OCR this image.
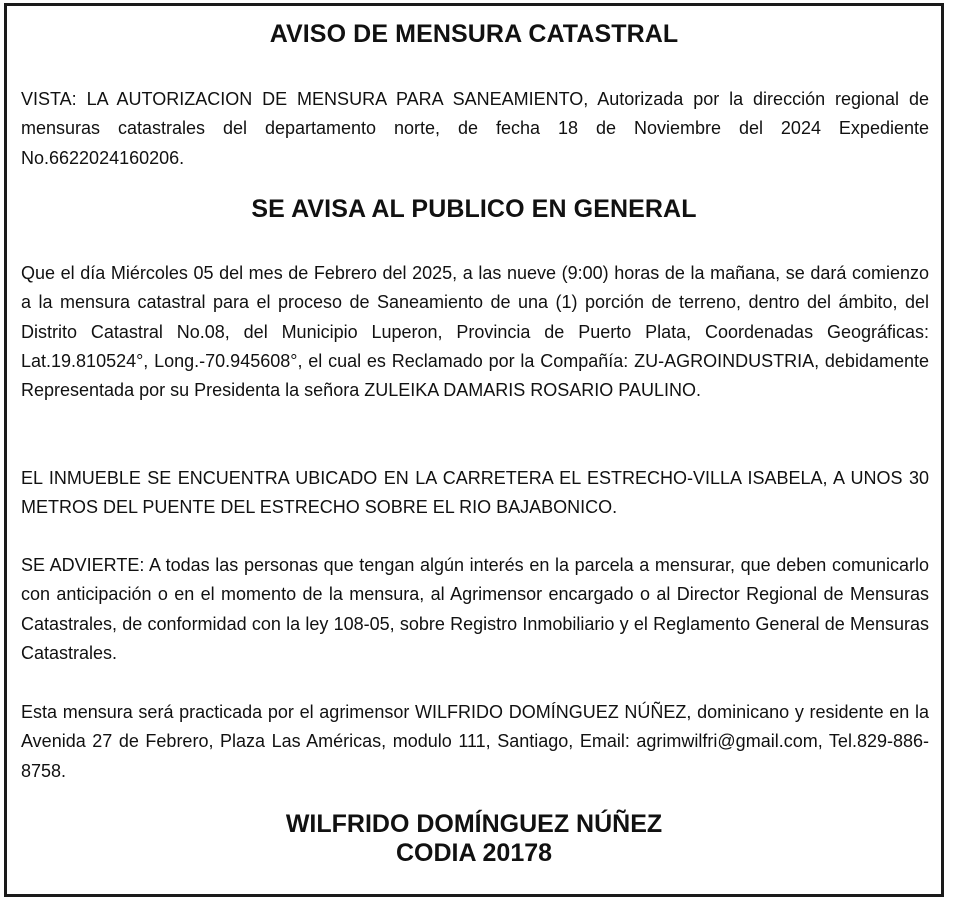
AVISO DE MENSURA CATASTRAL

VISTA: LA AUTORIZACION DE MENSURA PARA SANEAMIENTO, Autorizada por la dirección regional de mensuras catastrales del departamento norte, de fecha 18 de Noviembre del 2024 Expediente No.6622024160206.

SE AVISA AL PUBLICO EN GENERAL

Que el día Miércoles 05 del mes de Febrero del 2025, a las nueve (9:00) horas de la mañana, se dará comienzo a la mensura catastral para el proceso de Saneamiento de una (1) porción de terreno, dentro del ámbito, del Distrito Catastral No.08, del Municipio Luperon, Provincia de Puerto Plata, Coordenadas Geográficas: Lat.19.810524°, Long.-70.945608°, el cual es Reclamado por la Compañía: ZU-AGROINDUSTRIA, debidamente Representada por su Presidenta la señora ZULEIKA DAMARIS ROSARIO PAULINO.

EL INMUEBLE SE ENCUENTRA UBICADO EN LA CARRETERA EL ESTRECHO-VILLA ISABELA, A UNOS 30 METROS DEL PUENTE DEL ESTRECHO SOBRE EL RIO BAJABONICO.

SE ADVIERTE: A todas las personas que tengan algún interés en la parcela a mensurar, que deben comunicarlo con anticipación o en el momento de la mensura, al Agrimensor encargado o al Director Regional de Mensuras Catastrales, de conformidad con la ley 108-05, sobre Registro Inmobiliario y el Reglamento General de Mensuras Catastrales.

Esta mensura será practicada por el agrimensor WILFRIDO DOMÍNGUEZ NÚÑEZ, dominicano y residente en la Avenida 27 de Febrero, Plaza Las Américas, modulo 111, Santiago, Email: agrimwilfri@gmail.com, Tel.829-886-8758.

WILFRIDO DOMÍNGUEZ NÚÑEZ
CODIA 20178
